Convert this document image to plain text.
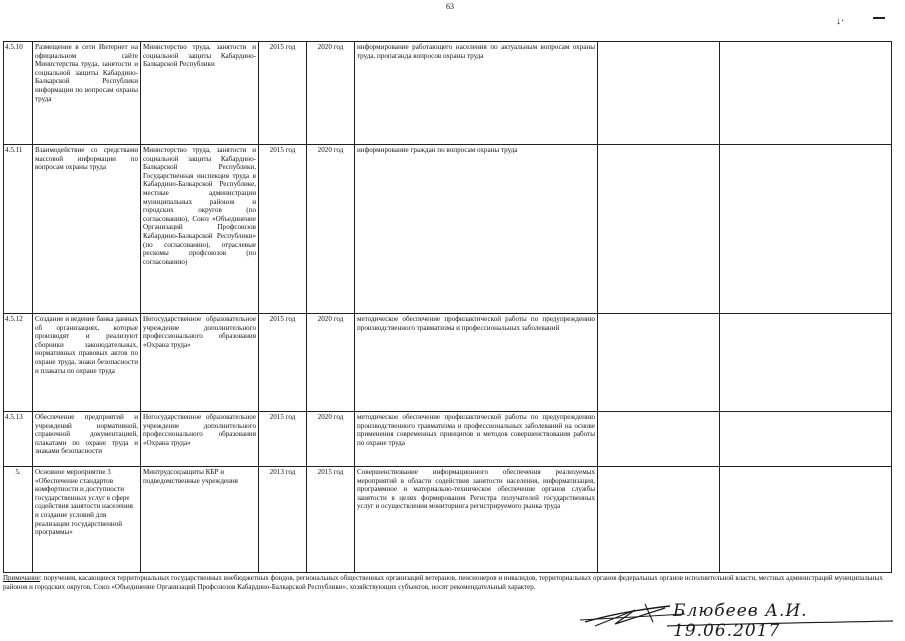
63
↓·
4.5.10	Размещение в сети Интернет на официальном сайте Министерства труда, занятости и социальной защиты Кабардино-Балкарской Республики информации по вопросам охраны труда	Министерство труда, занятости и социальной защиты Кабардино-Балкарской Республики	2015 год	2020 год	информирование работающего населения по актуальным вопросам охраны труда, пропаганда вопросов охраны труда		
4.5.11	Взаимодействие со средствами массовой информации по вопросам охраны труда	Министерство труда, занятости и социальной защиты Кабардино-Балкарской Республики, Государственная инспекция труда в Кабардино-Балкарской Республике, местные администрации муниципальных районов и городских округов (по согласованию), Союз «Объединение Организаций Профсоюзов Кабардино-Балкарской Республики» (по согласованию), отраслевые рескомы профсоюзов (по согласованию)	2015 год	2020 год	информирование граждан по вопросам охраны труда		
4.5.12	Создание и ведение банка данных об организациях, которые производят и реализуют сборники законодательных, нормативных правовых актов по охране труда, знаки безопасности и плакаты по охране труда	Негосударственное образовательное учреждение дополнительного профессионального образования «Охрана труда»	2015 год	2020 год	методическое обеспечение профилактической работы по предупреждению производственного травматизма и профессиональных заболеваний		
4.5.13	Обеспечение предприятий и учреждений нормативной, справочной документацией, плакатами по охране труда и знаками безопасности	Негосударственное образовательное учреждение дополнительного профессионального образования «Охрана труда»	2015 год	2020 год	методическое обеспечение профилактической работы по предупреждению производственного травматизма и профессиональных заболеваний на основе применения современных принципов и методов совершенствования работы по охране труда		
5.	Основное мероприятие 3 «Обеспечение стандартов комфортности и доступности государственных услуг в сфере содействия занятости населения и создание условий для реализации государственной программы»	Минтрудсоцзащиты КБР и подведомственные учреждения	2013 год	2015 год	Совершенствование информационного обеспечения реализуемых мероприятий в области содействия занятости населения, информатизация, программное и материально-техническое обеспечение органов службы занятости в целях формирования Регистра получателей государственных услуг и осуществления мониторинга регистрируемого рынка труда		
Примечание: поручения, касающиеся территориальных государственных внебюджетных фондов, региональных общественных организаций ветеранов, пенсионеров и инвалидов, территориальных органов федеральных органов исполнительной власти, местных администраций муниципальных районов и городских округов, Союз «Объединение Организаций Профсоюзов Кабардино-Балкарской Республики», хозяйствующих субъектов, носят рекомендательный характер.
Блюбеев А.И. 19.06.2017
